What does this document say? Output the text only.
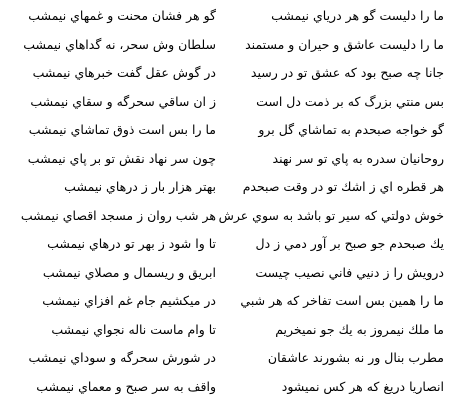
ما را دليست گو هر درياي نيمشب
گو هر فشان محنت و غمهاي نيمشب
ما را دليست عاشق و حيران و مستمند
سلطان وش سحر، نه گداهاي نيمشب
جانا چه صبح بود كه عشق تو در رسيد
در گوش عقل گفت خبرهاي نيمشب
بس منتي بزرگ كه بر ذمت دل است
ز ان ساقي سحرگه و سقاي نيمشب
گو خواجه صبحدم به تماشاي گل برو
ما را بس است ذوق تماشاي نيمشب
روحانيان سدره به پاي تو سر نهند
چون سر نهاد نقش تو بر پاي نيمشب
هر قطره اي ز اشك تو در وقت صبحدم
بهتر هزار بار ز درهاي نيمشب
خوش دولتي كه سير تو باشد به سوي عرش
هر شب روان ز مسجد اقصاي نيمشب
يك صبحدم جو صبح بر آور دمي ز دل
تا وا شود ز بهر تو درهاي نيمشب
درويش را ز دنيي فاني نصيب چيست
ابريق و ريسمال و مصلاي نيمشب
ما را همين بس است تفاخر كه هر شبي
در ميكشيم جام غم افزاي نيمشب
ما ملك نيمروز به يك جو نميخريم
تا وام ماست ناله نجواي نيمشب
مطرب بنال ور نه بشورند عاشقان
در شورش سحرگه و سوداي نيمشب
انصاريا دريغ كه هر كس نميشود
واقف به سر صبح و معماي نيمشب
